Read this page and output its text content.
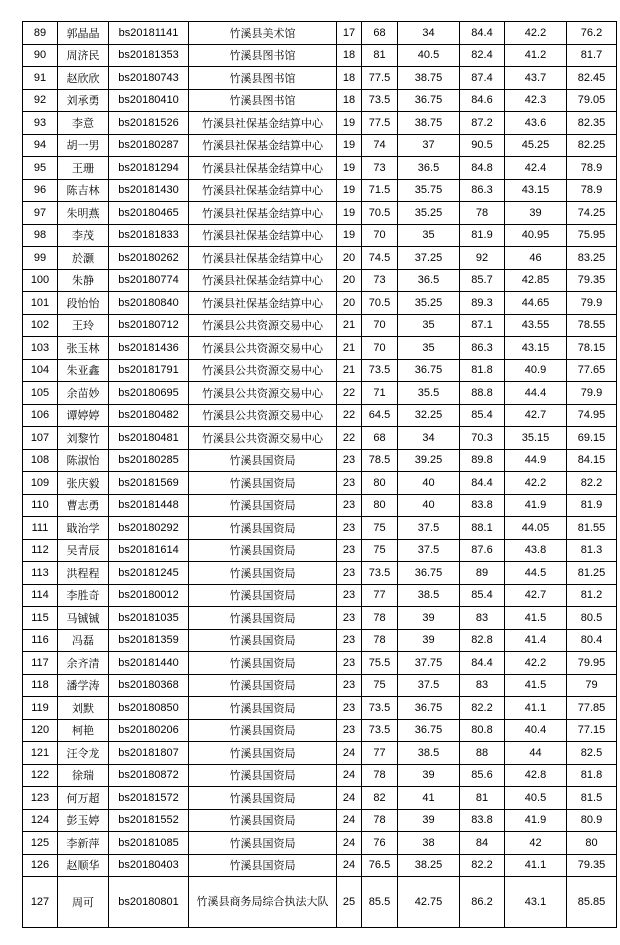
89	郭晶晶	bs20181141	竹溪县美术馆	17	68	34	84.4	42.2	76.2
90	周济民	bs20181353	竹溪县图书馆	18	81	40.5	82.4	41.2	81.7
91	赵欣欣	bs20180743	竹溪县图书馆	18	77.5	38.75	87.4	43.7	82.45
92	刘承勇	bs20180410	竹溪县图书馆	18	73.5	36.75	84.6	42.3	79.05
93	李意	bs20181526	竹溪县社保基金结算中心	19	77.5	38.75	87.2	43.6	82.35
94	胡一男	bs20180287	竹溪县社保基金结算中心	19	74	37	90.5	45.25	82.25
95	王珊	bs20181294	竹溪县社保基金结算中心	19	73	36.5	84.8	42.4	78.9
96	陈吉林	bs20181430	竹溪县社保基金结算中心	19	71.5	35.75	86.3	43.15	78.9
97	朱明燕	bs20180465	竹溪县社保基金结算中心	19	70.5	35.25	78	39	74.25
98	李茂	bs20181833	竹溪县社保基金结算中心	19	70	35	81.9	40.95	75.95
99	於灏	bs20180262	竹溪县社保基金结算中心	20	74.5	37.25	92	46	83.25
100	朱静	bs20180774	竹溪县社保基金结算中心	20	73	36.5	85.7	42.85	79.35
101	段怡怡	bs20180840	竹溪县社保基金结算中心	20	70.5	35.25	89.3	44.65	79.9
102	王玲	bs20180712	竹溪县公共资源交易中心	21	70	35	87.1	43.55	78.55
103	张玉林	bs20181436	竹溪县公共资源交易中心	21	70	35	86.3	43.15	78.15
104	朱亚鑫	bs20181791	竹溪县公共资源交易中心	21	73.5	36.75	81.8	40.9	77.65
105	余苗妙	bs20180695	竹溪县公共资源交易中心	22	71	35.5	88.8	44.4	79.9
106	谭婷婷	bs20180482	竹溪县公共资源交易中心	22	64.5	32.25	85.4	42.7	74.95
107	刘黎竹	bs20180481	竹溪县公共资源交易中心	22	68	34	70.3	35.15	69.15
108	陈淑怡	bs20180285	竹溪县国资局	23	78.5	39.25	89.8	44.9	84.15
109	张庆毅	bs20181569	竹溪县国资局	23	80	40	84.4	42.2	82.2
110	曹志勇	bs20181448	竹溪县国资局	23	80	40	83.8	41.9	81.9
111	戢治学	bs20180292	竹溪县国资局	23	75	37.5	88.1	44.05	81.55
112	吴青辰	bs20181614	竹溪县国资局	23	75	37.5	87.6	43.8	81.3
113	洪程程	bs20181245	竹溪县国资局	23	73.5	36.75	89	44.5	81.25
114	李胜奇	bs20180012	竹溪县国资局	23	77	38.5	85.4	42.7	81.2
115	马铖铖	bs20181035	竹溪县国资局	23	78	39	83	41.5	80.5
116	冯磊	bs20181359	竹溪县国资局	23	78	39	82.8	41.4	80.4
117	余齐清	bs20181440	竹溪县国资局	23	75.5	37.75	84.4	42.2	79.95
118	潘学涛	bs20180368	竹溪县国资局	23	75	37.5	83	41.5	79
119	刘默	bs20180850	竹溪县国资局	23	73.5	36.75	82.2	41.1	77.85
120	柯艳	bs20180206	竹溪县国资局	23	73.5	36.75	80.8	40.4	77.15
121	汪令龙	bs20181807	竹溪县国资局	24	77	38.5	88	44	82.5
122	徐瑞	bs20180872	竹溪县国资局	24	78	39	85.6	42.8	81.8
123	何万超	bs20181572	竹溪县国资局	24	82	41	81	40.5	81.5
124	彭玉婷	bs20181552	竹溪县国资局	24	78	39	83.8	41.9	80.9
125	李新萍	bs20181085	竹溪县国资局	24	76	38	84	42	80
126	赵顺华	bs20180403	竹溪县国资局	24	76.5	38.25	82.2	41.1	79.35
127	周可	bs20180801	竹溪县商务局综合执法大队	25	85.5	42.75	86.2	43.1	85.85
